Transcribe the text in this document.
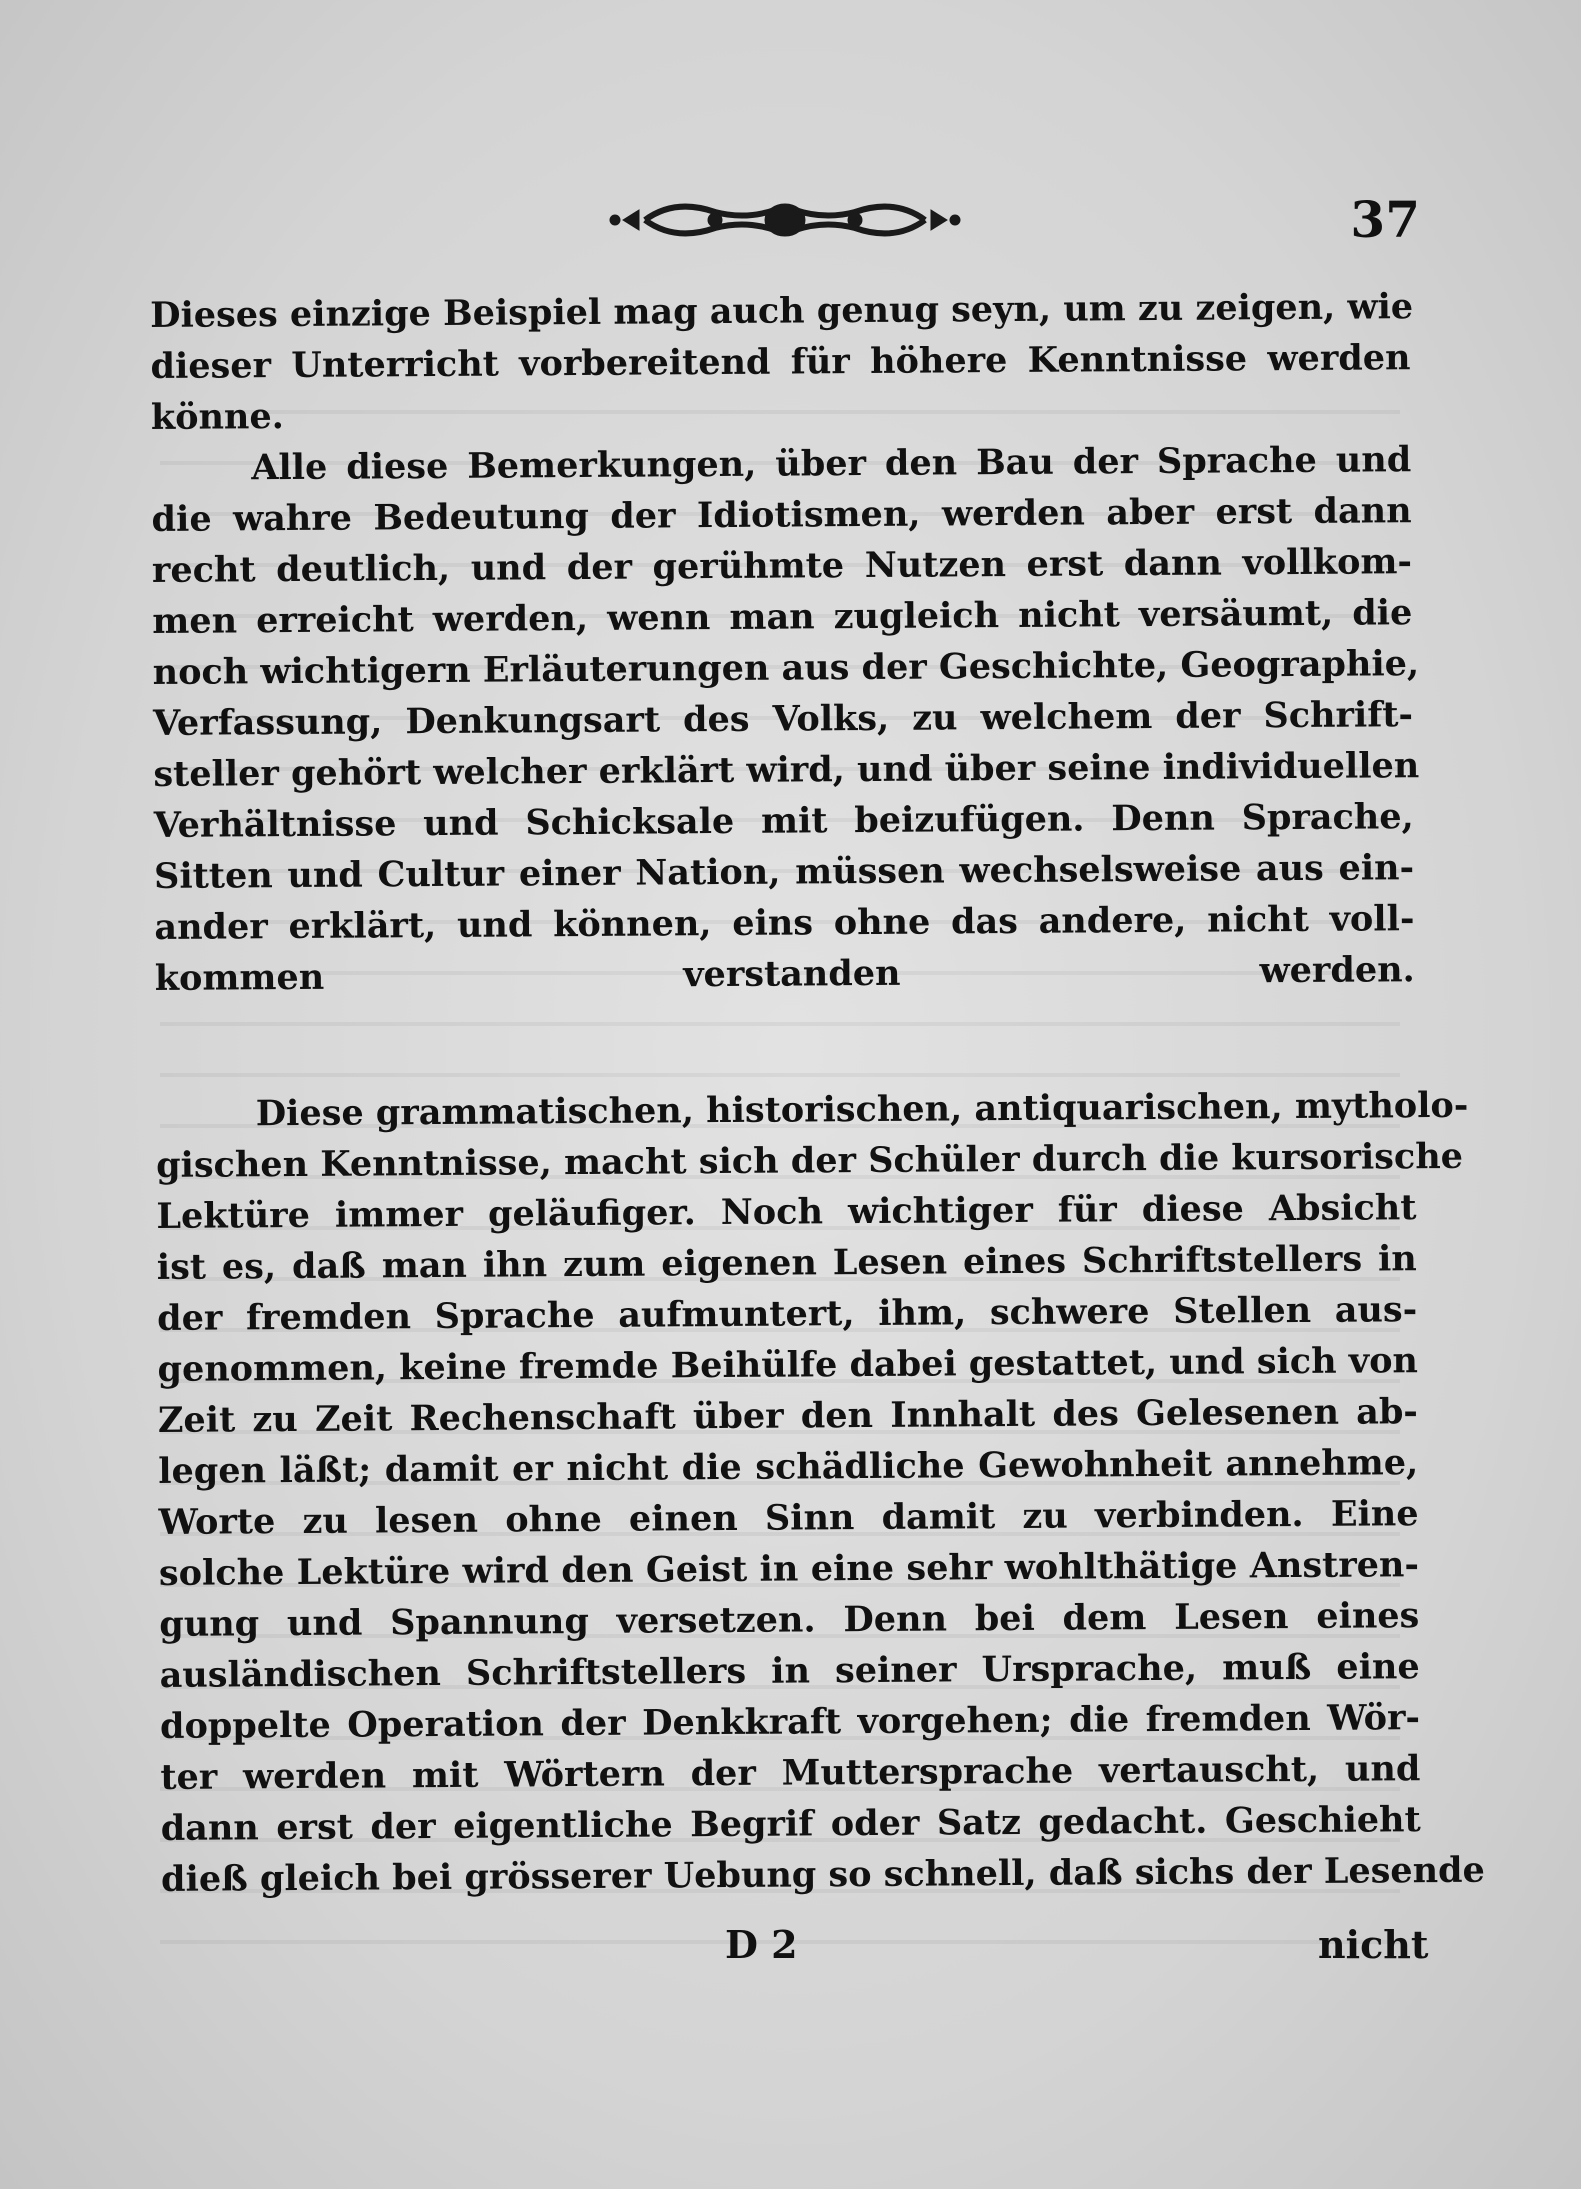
37

Dieses einzige Beispiel mag auch genug seyn, um zu zeigen, wie
dieser Unterricht vorbereitend für höhere Kenntnisse werden
könne.

Alle diese Bemerkungen, über den Bau der Sprache und
die wahre Bedeutung der Idiotismen, werden aber erst dann
recht deutlich, und der gerühmte Nutzen erst dann vollkom-
men erreicht werden, wenn man zugleich nicht versäumt, die
noch wichtigern Erläuterungen aus der Geschichte, Geographie,
Verfassung, Denkungsart des Volks, zu welchem der Schrift-
steller gehört welcher erklärt wird, und über seine individuellen
Verhältnisse und Schicksale mit beizufügen. Denn Sprache,
Sitten und Cultur einer Nation, müssen wechselsweise aus ein-
ander erklärt, und können, eins ohne das andere, nicht voll-
kommen verstanden werden.

Diese grammatischen, historischen, antiquarischen, mytholo-
gischen Kenntnisse, macht sich der Schüler durch die kursorische
Lektüre immer geläufiger. Noch wichtiger für diese Absicht
ist es, daß man ihn zum eigenen Lesen eines Schriftstellers in
der fremden Sprache aufmuntert, ihm, schwere Stellen aus-
genommen, keine fremde Beihülfe dabei gestattet, und sich von
Zeit zu Zeit Rechenschaft über den Innhalt des Gelesenen ab-
legen läßt; damit er nicht die schädliche Gewohnheit annehme,
Worte zu lesen ohne einen Sinn damit zu verbinden. Eine
solche Lektüre wird den Geist in eine sehr wohlthätige Anstren-
gung und Spannung versetzen. Denn bei dem Lesen eines
ausländischen Schriftstellers in seiner Ursprache, muß eine
doppelte Operation der Denkkraft vorgehen; die fremden Wör-
ter werden mit Wörtern der Muttersprache vertauscht, und
dann erst der eigentliche Begrif oder Satz gedacht. Geschieht
dieß gleich bei grösserer Uebung so schnell, daß sichs der Lesende

D 2	nicht
